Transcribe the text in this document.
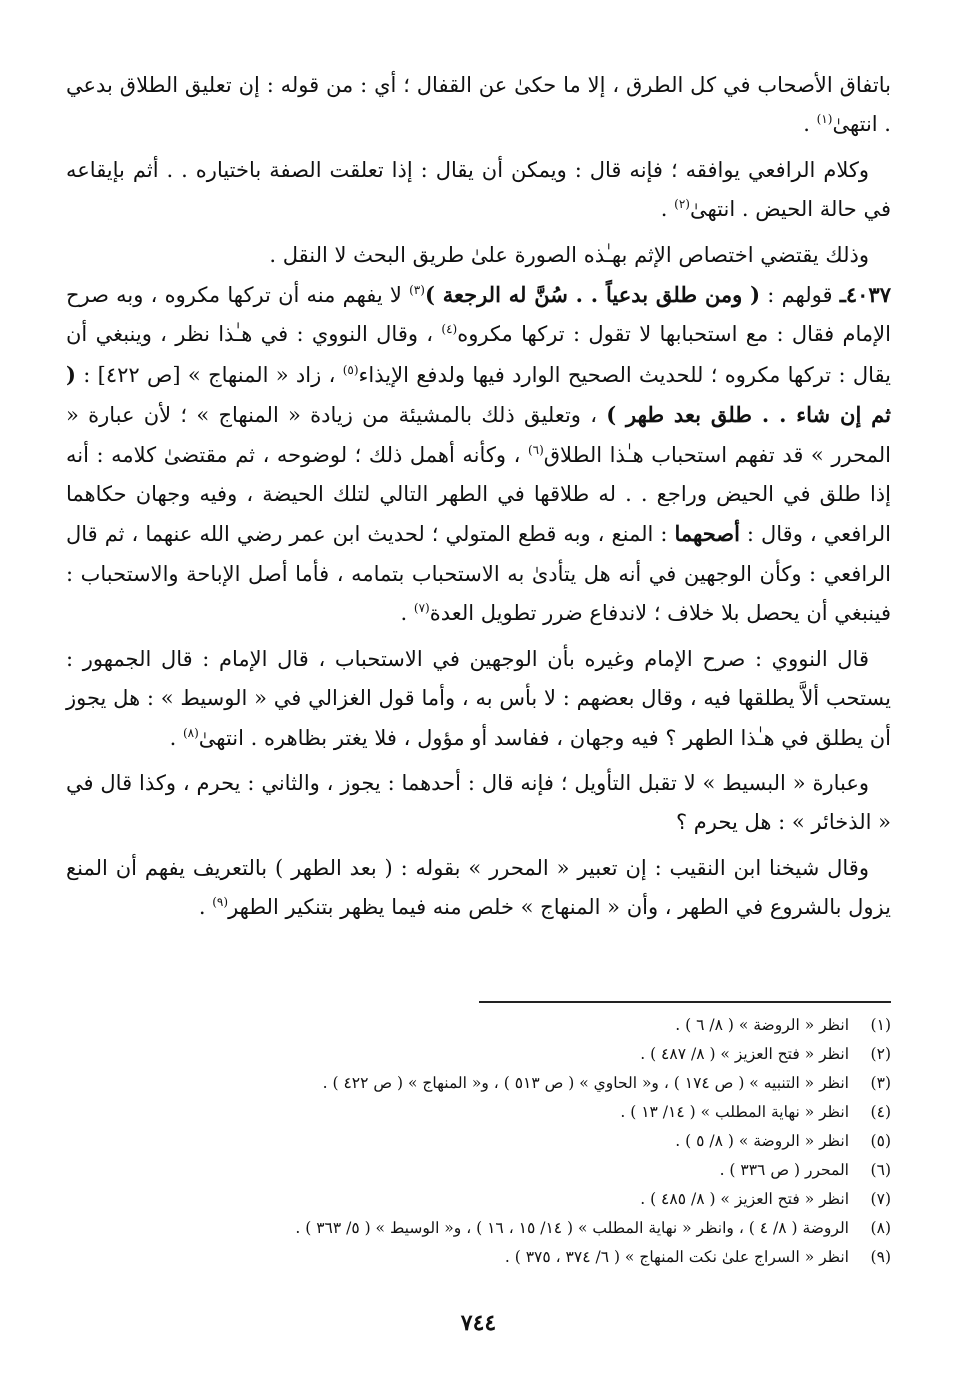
باتفاق الأصحاب في كل الطرق ، إلا ما حكىٰ عن القفال ؛ أي : من قوله : إن تعليق الطلاق بدعي . انتهىٰ$^{(١)}$ .

وكلام الرافعي يوافقه ؛ فإنه قال : ويمكن أن يقال : إذا تعلقت الصفة باختياره . . أثم بإيقاعه في حالة الحيض . انتهىٰ$^{(٢)}$ .

وذلك يقتضي اختصاص الإثم بهـٰذه الصورة علىٰ طريق البحث لا النقل .

٤٠٣٧ـ قولهم : ( ومن طلق بدعياً . . سُنَّ له الرجعة )$^{(٣)}$ لا يفهم منه أن تركها مكروه ، وبه صرح الإمام فقال : مع استحبابها لا تقول : تركها مكروه$^{(٤)}$ ، وقال النووي : في هـٰذا نظر ، وينبغي أن يقال : تركها مكروه ؛ للحديث الصحيح الوارد فيها ولدفع الإيذاء$^{(٥)}$ ، زاد « المنهاج » [ص ٤٢٢] : ( ثم إن شاء . . طلق بعد طهر ) ، وتعليق ذلك بالمشيئة من زيادة « المنهاج » ؛ لأن عبارة « المحرر » قد تفهم استحباب هـٰذا الطلاق$^{(٦)}$ ، وكأنه أهمل ذلك ؛ لوضوحه ، ثم مقتضىٰ كلامه : أنه إذا طلق في الحيض وراجع . . له طلاقها في الطهر التالي لتلك الحيضة ، وفيه وجهان حكاهما الرافعي ، وقال : أصحهما : المنع ، وبه قطع المتولي ؛ لحديث ابن عمر رضي الله عنهما ، ثم قال الرافعي : وكأن الوجهين في أنه هل يتأدىٰ به الاستحباب بتمامه ، فأما أصل الإباحة والاستحباب : فينبغي أن يحصل بلا خلاف ؛ لاندفاع ضرر تطويل العدة$^{(٧)}$ .

قال النووي : صرح الإمام وغيره بأن الوجهين في الاستحباب ، قال الإمام : قال الجمهور : يستحب ألاَّ يطلقها فيه ، وقال بعضهم : لا بأس به ، وأما قول الغزالي في « الوسيط » : هل يجوز أن يطلق في هـٰذا الطهر ؟ فيه وجهان ، ففاسد أو مؤول ، فلا يغتر بظاهره . انتهىٰ$^{(٨)}$ .

وعبارة « البسيط » لا تقبل التأويل ؛ فإنه قال : أحدهما : يجوز ، والثاني : يحرم ، وكذا قال في « الذخائر » : هل يحرم ؟

وقال شيخنا ابن النقيب : إن تعبير « المحرر » بقوله : ( بعد الطهر ) بالتعريف يفهم أن المنع يزول بالشروع في الطهر ، وأن « المنهاج » خلص منه فيما يظهر بتنكير الطهر$^{(٩)}$ .

(١)
انظر « الروضة » ( ٨/ ٦ ) .
(٢)
انظر « فتح العزيز » ( ٨/ ٤٨٧ ) .
(٣)
انظر « التنبيه » ( ص ١٧٤ ) ، و« الحاوي » ( ص ٥١٣ ) ، و« المنهاج » ( ص ٤٢٢ ) .
(٤)
انظر « نهاية المطلب » ( ١٤/ ١٣ ) .
(٥)
انظر « الروضة » ( ٨/ ٥ ) .
(٦)
المحرر ( ص ٣٣٦ ) .
(٧)
انظر « فتح العزيز » ( ٨/ ٤٨٥ ) .
(٨)
الروضة ( ٨/ ٤ ) ، وانظر « نهاية المطلب » ( ١٤/ ١٥ ، ١٦ ) ، و« الوسيط » ( ٥/ ٣٦٣ ) .
(٩)
انظر « السراج علىٰ نكت المنهاج » ( ٦/ ٣٧٤ ، ٣٧٥ ) .
٧٤٤
